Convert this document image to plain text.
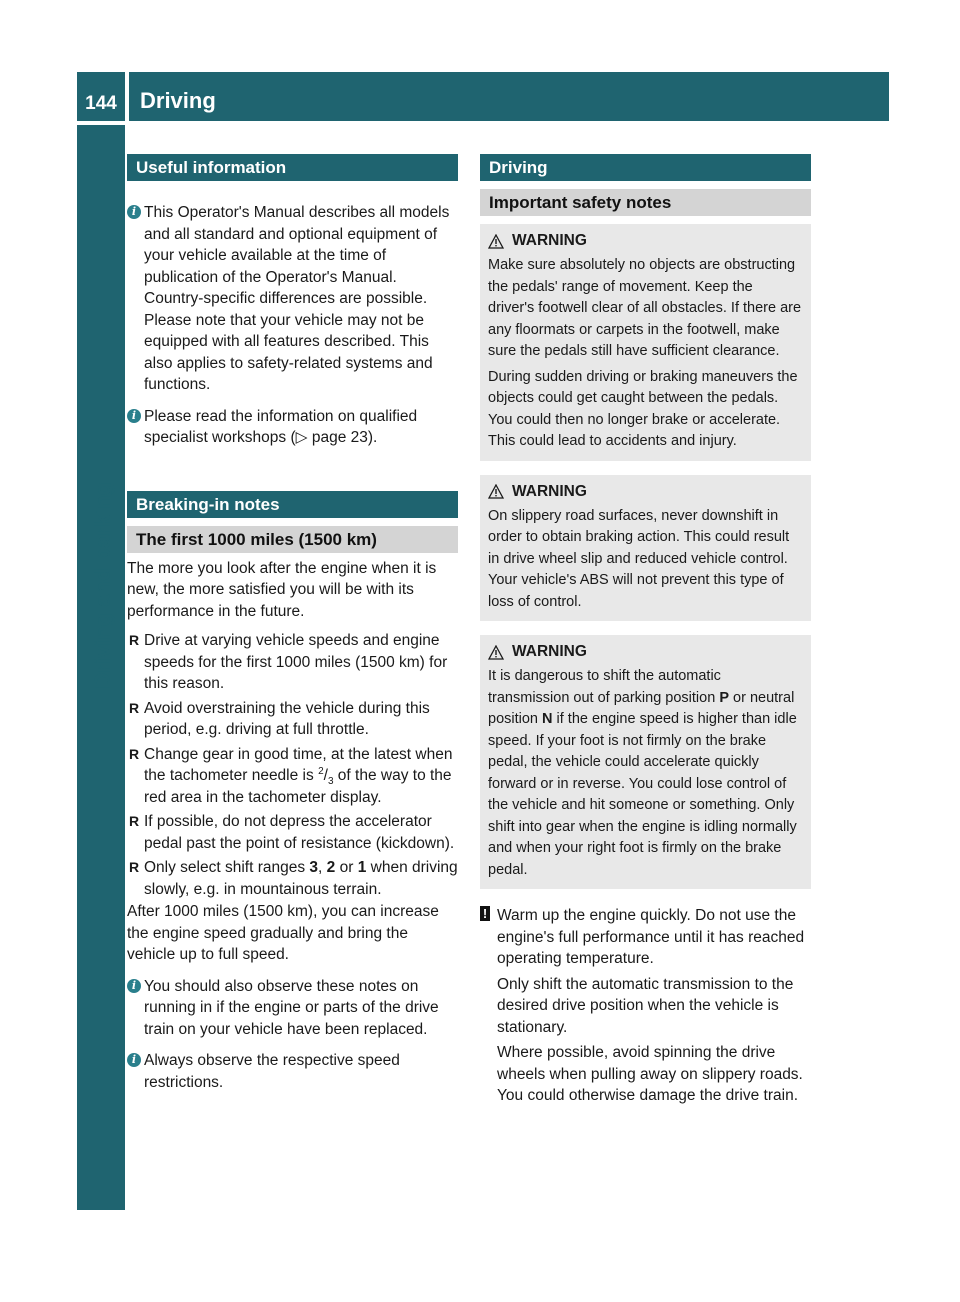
144	Driving
Driving and parking
Useful information

i This Operator's Manual describes all models and all standard and optional equipment of your vehicle available at the time of publication of the Operator's Manual. Country-specific differences are possible. Please note that your vehicle may not be equipped with all features described. This also applies to safety-related systems and functions.

i Please read the information on qualified specialist workshops (▷ page 23).

Breaking-in notes
The first 1000 miles (1500 km)

The more you look after the engine when it is new, the more satisfied you will be with its performance in the future.

R Drive at varying vehicle speeds and engine speeds for the first 1000 miles (1500 km) for this reason.

R Avoid overstraining the vehicle during this period, e.g. driving at full throttle.

R Change gear in good time, at the latest when the tachometer needle is $^2/_3$ of the way to the red area in the tachometer display.

R If possible, do not depress the accelerator pedal past the point of resistance (kickdown).

R Only select shift ranges 3, 2 or 1 when driving slowly, e.g. in mountainous terrain.

After 1000 miles (1500 km), you can increase the engine speed gradually and bring the vehicle up to full speed.

i You should also observe these notes on running in if the engine or parts of the drive train on your vehicle have been replaced.

i Always observe the respective speed restrictions.

Driving
Important safety notes
WARNING

Make sure absolutely no objects are obstructing the pedals' range of movement. Keep the driver's footwell clear of all obstacles. If there are any floormats or carpets in the footwell, make sure the pedals still have sufficient clearance.

During sudden driving or braking maneuvers the objects could get caught between the pedals. You could then no longer brake or accelerate. This could lead to accidents and injury.

WARNING

On slippery road surfaces, never downshift in order to obtain braking action. This could result in drive wheel slip and reduced vehicle control. Your vehicle's ABS will not prevent this type of loss of control.

WARNING

It is dangerous to shift the automatic transmission out of parking position P or neutral position N if the engine speed is higher than idle speed. If your foot is not firmly on the brake pedal, the vehicle could accelerate quickly forward or in reverse. You could lose control of the vehicle and hit someone or something. Only shift into gear when the engine is idling normally and when your right foot is firmly on the brake pedal.

! Warm up the engine quickly. Do not use the engine's full performance until it has reached operating temperature.

Only shift the automatic transmission to the desired drive position when the vehicle is stationary.

Where possible, avoid spinning the drive wheels when pulling away on slippery roads. You could otherwise damage the drive train.
